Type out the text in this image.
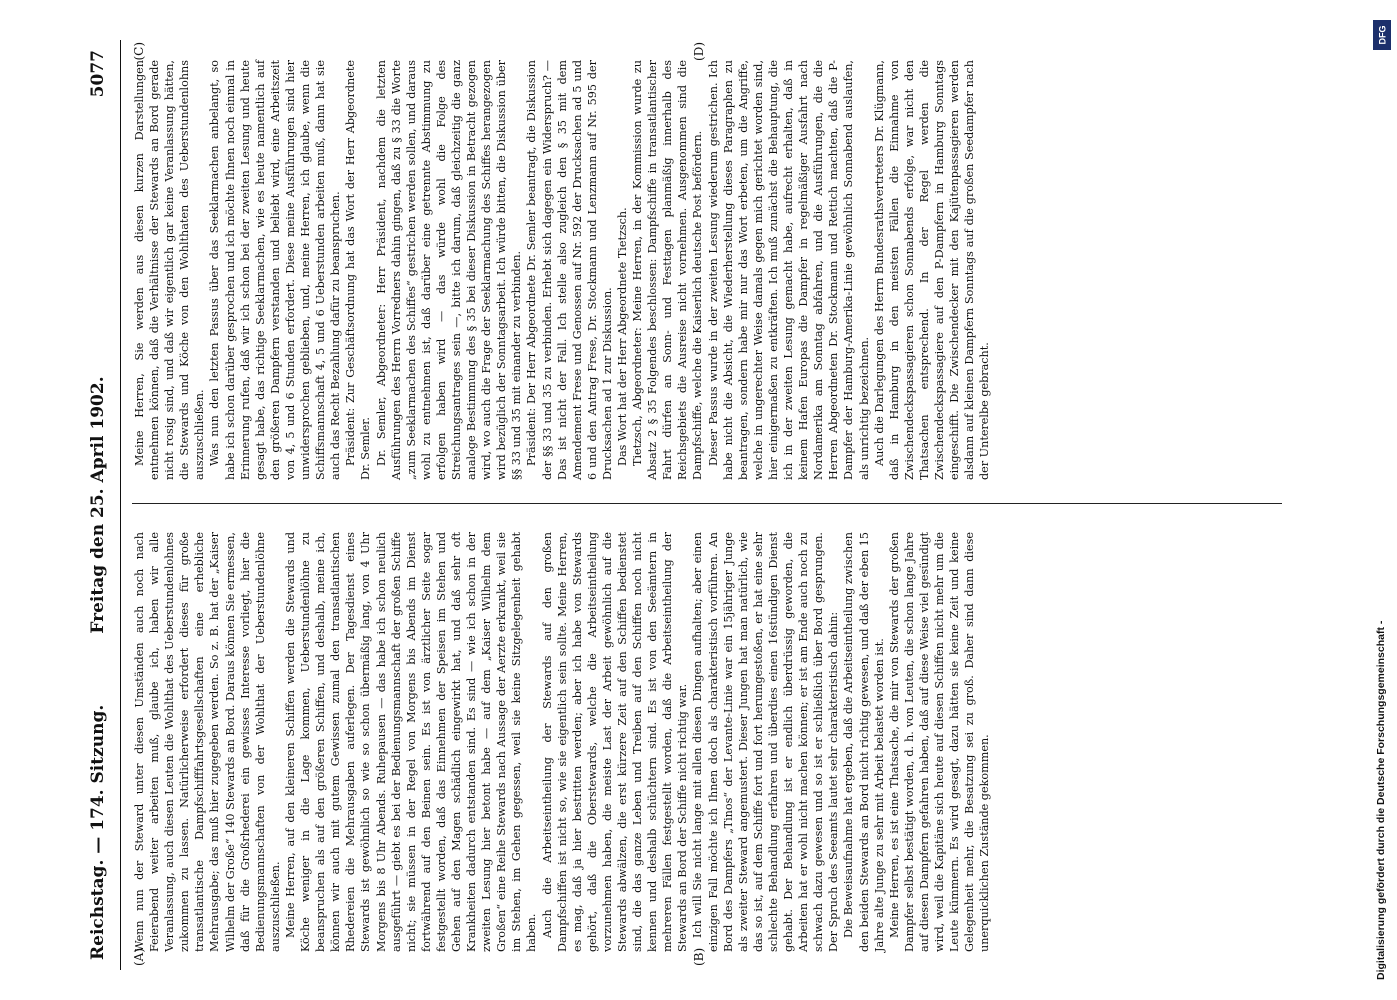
Reichstag. — 174. Sitzung.
Freitag den 25. April 1902.
5077
(A)	(B)

Wenn nun der Steward unter diesen Umständen auch noch nach Feierabend weiter arbeiten muß, glaube ich, haben wir alle Veranlassung, auch diesen Leuten die Wohlthat des Ueberstundenlohnes zukommen zu lassen. Natürlicherweise erfordert dieses für große transatlantische Dampfschifffahrtsgesellschaften eine erhebliche Mehrausgabe; das muß hier zugegeben werden. So z. B. hat der „Kaiser Wilhelm der Große“ 140 Stewards an Bord. Daraus können Sie ermessen, daß für die Großrhederei ein gewisses Interesse vorliegt, hier die Bedienungsmannschaften von der Wohlthat der Ueberstundenlöhne auszuschließen. Meine Herren, auf den kleineren Schiffen werden die Stewards und Köche weniger in die Lage kommen, Ueberstundenlöhne zu beanspruchen als auf den größeren Schiffen, und deshalb, meine ich, können wir auch mit gutem Gewissen zumal den transatlantischen Rhedereien die Mehrausgaben auferlegen. Der Tagesdienst eines Stewards ist gewöhnlich so wie so schon übermäßig lang, von 4 Uhr Morgens bis 8 Uhr Abends. Ruhepausen — das habe ich schon neulich ausgeführt — giebt es bei der Bedienungsmannschaft der großen Schiffe nicht; sie müssen in der Regel von Morgens bis Abends im Dienst fortwährend auf den Beinen sein. Es ist von ärztlicher Seite sogar festgestellt worden, daß das Einnehmen der Speisen im Stehen und Gehen auf den Magen schädlich eingewirkt hat, und daß sehr oft Krankheiten dadurch entstanden sind. Es sind — wie ich schon in der zweiten Lesung hier betont habe — auf dem „Kaiser Wilhelm dem Großen“ eine Reihe Stewards nach Aussage der Aerzte erkrankt, weil sie im Stehen, im Gehen gegessen, weil sie keine Sitzgelegenheit gehabt haben. Auch die Arbeitseintheilung der Stewards auf den großen Dampfschiffen ist nicht so, wie sie eigentlich sein sollte. Meine Herren, es mag, daß ja hier bestritten werden; aber ich habe von Stewards gehört, daß die Oberstewards, welche die Arbeitseintheilung vorzunehmen haben, die meiste Last der Arbeit gewöhnlich auf die Stewards abwälzen, die erst kürzere Zeit auf den Schiffen bedienstet sind, die das ganze Leben und Treiben auf den Schiffen noch nicht kennen und deshalb schüchtern sind. Es ist von den Seeämtern in mehreren Fällen festgestellt worden, daß die Arbeitseintheilung der Stewards an Bord der Schiffe nicht richtig war. Ich will Sie nicht lange mit allen diesen Dingen aufhalten; aber einen einzigen Fall möchte ich Ihnen doch als charakteristisch vorführen. An Bord des Dampfers „Tinos“ der Levante-Linie war ein 15jähriger Junge als zweiter Steward angemustert. Dieser Jungen hat man natürlich, wie das so ist, auf dem Schiffe fort und fort herumgestoßen, er hat eine sehr schlechte Behandlung erfahren und überdies einen 16stündigen Dienst gehabt. Der Behandlung ist er endlich überdrüssig geworden, die Arbeiten hat er wohl nicht machen können; er ist am Ende auch noch zu schwach dazu gewesen und so ist er schließlich über Bord gesprungen. Der Spruch des Seeamts lautet sehr charakteristisch dahin: Die Beweisaufnahme hat ergeben, daß die Arbeitseintheilung zwischen den beiden Stewards an Bord nicht richtig gewesen, und daß der eben 15 Jahre alte Junge zu sehr mit Arbeit belastet worden ist. Meine Herren, es ist eine Thatsache, die mir von Stewards der großen Dampfer selbst bestätigt worden, d. h. von Leuten, die schon lange Jahre auf diesen Dampfern gefahren haben, daß auf diese Weise viel gesündigt wird, weil die Kapitäne sich heute auf diesen Schiffen nicht mehr um die Leute kümmern. Es wird gesagt, dazu hätten sie keine Zeit und keine Gelegenheit mehr, die Besatzung sei zu groß. Daher sind dann diese unerquicklichen Zustände gekommen.

(C)	(D)

Meine Herren, Sie werden aus diesen kurzen Darstellungen entnehmen können, daß die Verhältnisse der Stewards an Bord gerade nicht rosig sind, und daß wir eigentlich gar keine Veranlassung hätten, die Stewards und Köche von den Wohlthaten des Ueberstundenlohns auszuschließen. Was nun den letzten Passus über das Seeklarmachen anbelangt, so habe ich schon darüber gesprochen und ich möchte Ihnen noch einmal in Erinnerung rufen, daß wir ich schon bei der zweiten Lesung und heute gesagt habe, das richtige Seeklarmachen, wie es heute namentlich auf den größeren Dampfern verstanden und beliebt wird, eine Arbeitszeit von 4, 5 und 6 Stunden erfordert. Diese meine Ausführungen sind hier unwidersprochen geblieben, und, meine Herren, ich glaube, wenn die Schiffsmannschaft 4, 5 und 6 Ueberstunden arbeiten muß, dann hat sie auch das Recht Bezahlung dafür zu beanspruchen. Präsident: Zur Geschäftsordnung hat das Wort der Herr Abgeordnete Dr. Semler. Dr. Semler, Abgeordneter: Herr Präsident, nachdem die letzten Ausführungen des Herrn Vorredners dahin gingen, daß zu § 33 die Worte „zum Seeklarmachen des Schiffes“ gestrichen werden sollen, und daraus wohl zu entnehmen ist, daß darüber eine getrennte Abstimmung zu erfolgen haben wird — das würde wohl die Folge des Streichungsantrages sein —, bitte ich darum, daß gleichzeitig die ganz analoge Bestimmung des § 35 bei dieser Diskussion in Betracht gezogen wird, wo auch die Frage der Seeklarmachung des Schiffes herangezogen wird bezüglich der Sonntagsarbeit. Ich würde bitten, die Diskussion über §§ 33 und 35 mit einander zu verbinden. Präsident: Der Herr Abgeordnete Dr. Semler beantragt, die Diskussion der §§ 33 und 35 zu verbinden. Erhebt sich dagegen ein Widerspruch? — Das ist nicht der Fall. Ich stelle also zugleich den § 35 mit dem Amendement Frese und Genossen auf Nr. 592 der Drucksachen ad 5 und 6 und den Antrag Frese, Dr. Stockmann und Lenzmann auf Nr. 595 der Drucksachen ad 1 zur Diskussion. Das Wort hat der Herr Abgeordnete Tietzsch. Tietzsch, Abgeordneter: Meine Herren, in der Kommission wurde zu Absatz 2 § 35 Folgendes beschlossen: Dampfschiffe in transatlantischer Fahrt dürfen an Sonn- und Festtagen planmäßig innerhalb des Reichsgebiets die Ausreise nicht vornehmen. Ausgenommen sind die Dampfschiffe, welche die Kaiserlich deutsche Post befördern. Dieser Passus wurde in der zweiten Lesung wiederum gestrichen. Ich habe nicht die Absicht, die Wiederherstellung dieses Paragraphen zu beantragen, sondern habe mir nur das Wort erbeten, um die Angriffe, welche in ungerechter Weise damals gegen mich gerichtet worden sind, hier einigermaßen zu entkräften. Ich muß zunächst die Behauptung, die ich in der zweiten Lesung gemacht habe, aufrecht erhalten, daß in keinem Hafen Europas die Dampfer in regelmäßiger Ausfahrt nach Nordamerika am Sonntag abfahren, und die Ausführungen, die die Herren Abgeordneten Dr. Stockmann und Rettich machten, daß die P-Dampfer der Hamburg-Amerika-Linie gewöhnlich Sonnabend auslaufen, als unrichtig bezeichnen. Auch die Darlegungen des Herrn Bundesrathsvertreters Dr. Klügmann, daß in Hamburg in den meisten Fällen die Einnahme von Zwischendeckspassagieren schon Sonnabends erfolge, war nicht den Thatsachen entsprechend. In der Regel werden die Zwischendeckspassagiere auf den P-Dampfern in Hamburg Sonntags eingeschifft. Die Zwischendecker mit den Kajütenpassagieren werden alsdann auf kleinen Dampfern Sonntags auf die großen Seedampfer nach der Unterelbe gebracht.

DFG
Digitalisierung gefördert durch die Deutsche Forschungsgemeinschaft -
